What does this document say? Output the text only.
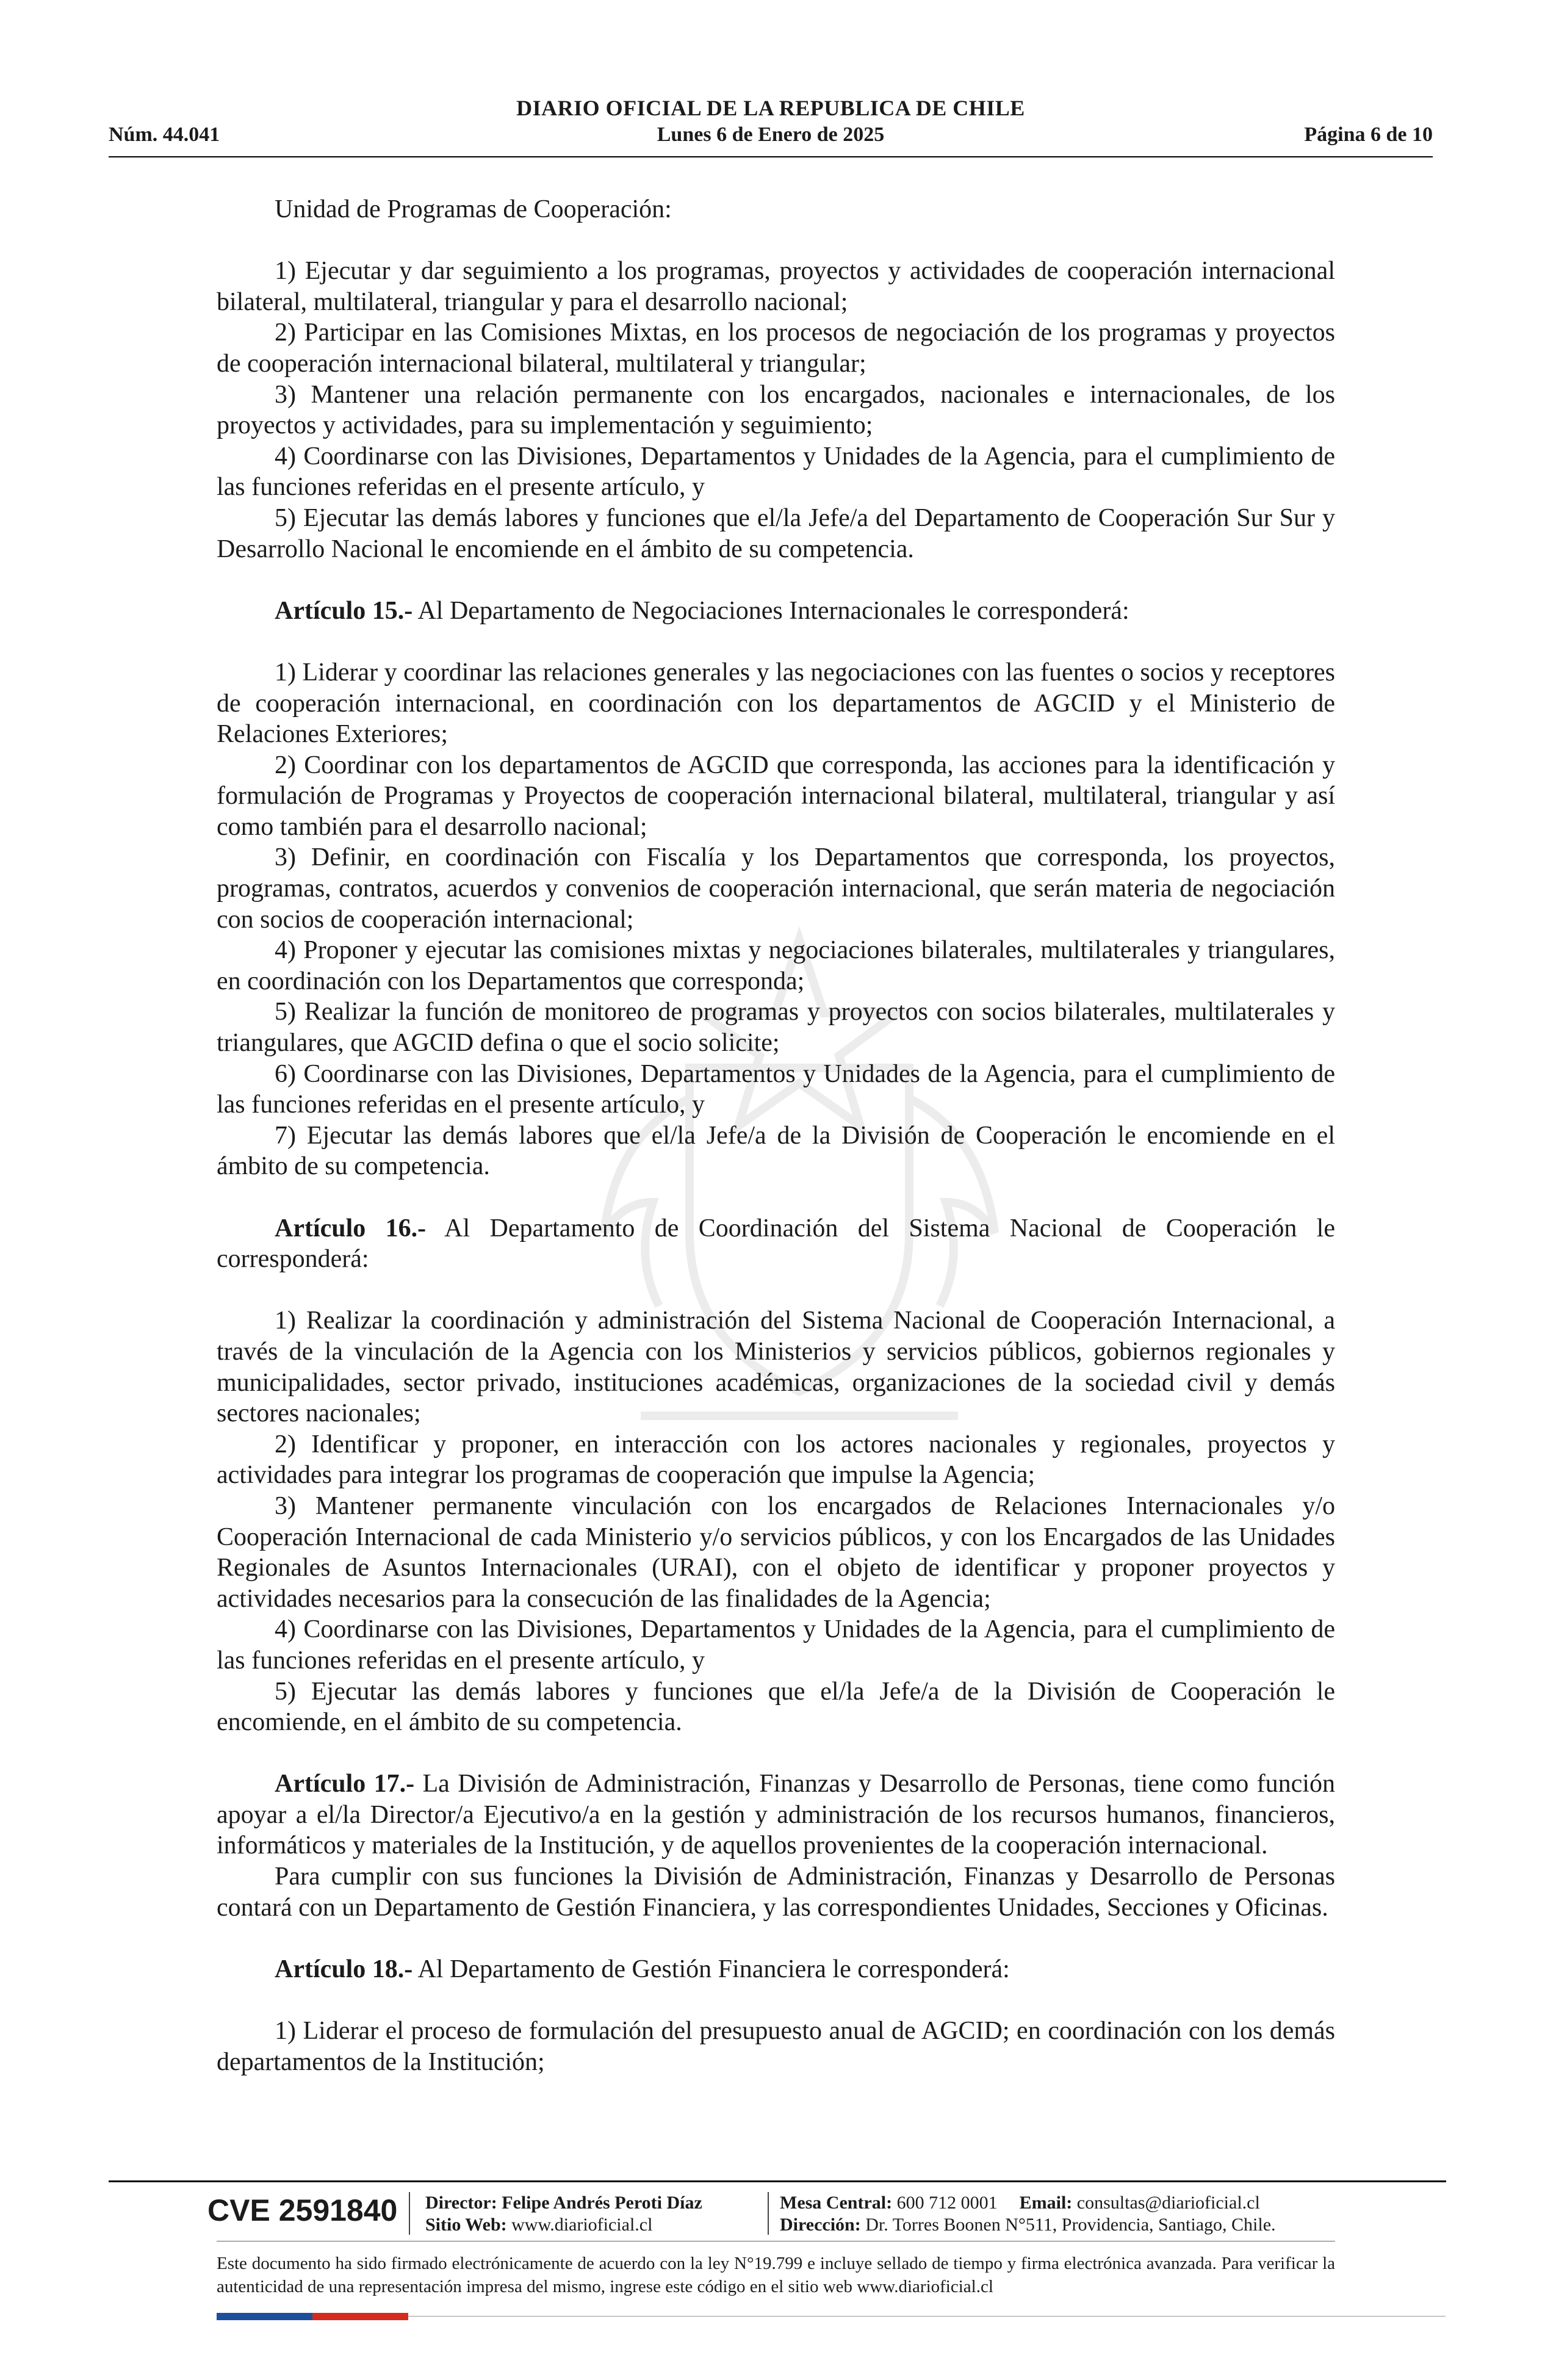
DIARIO OFICIAL DE LA REPUBLICA DE CHILE
Núm. 44.041	Lunes 6 de Enero de 2025	Página 6 de 10

Unidad de Programas de Cooperación:

1) Ejecutar y dar seguimiento a los programas, proyectos y actividades de cooperación internacional bilateral, multilateral, triangular y para el desarrollo nacional;

2) Participar en las Comisiones Mixtas, en los procesos de negociación de los programas y proyectos de cooperación internacional bilateral, multilateral y triangular;

3) Mantener una relación permanente con los encargados, nacionales e internacionales, de los proyectos y actividades, para su implementación y seguimiento;

4) Coordinarse con las Divisiones, Departamentos y Unidades de la Agencia, para el cumplimiento de las funciones referidas en el presente artículo, y

5) Ejecutar las demás labores y funciones que el/la Jefe/a del Departamento de Cooperación Sur Sur y Desarrollo Nacional le encomiende en el ámbito de su competencia.

Artículo 15.- Al Departamento de Negociaciones Internacionales le corresponderá:

1) Liderar y coordinar las relaciones generales y las negociaciones con las fuentes o socios y receptores de cooperación internacional, en coordinación con los departamentos de AGCID y el Ministerio de Relaciones Exteriores;

2) Coordinar con los departamentos de AGCID que corresponda, las acciones para la identificación y formulación de Programas y Proyectos de cooperación internacional bilateral, multilateral, triangular y así como también para el desarrollo nacional;

3) Definir, en coordinación con Fiscalía y los Departamentos que corresponda, los proyectos, programas, contratos, acuerdos y convenios de cooperación internacional, que serán materia de negociación con socios de cooperación internacional;

4) Proponer y ejecutar las comisiones mixtas y negociaciones bilaterales, multilaterales y triangulares, en coordinación con los Departamentos que corresponda;

5) Realizar la función de monitoreo de programas y proyectos con socios bilaterales, multilaterales y triangulares, que AGCID defina o que el socio solicite;

6) Coordinarse con las Divisiones, Departamentos y Unidades de la Agencia, para el cumplimiento de las funciones referidas en el presente artículo, y

7) Ejecutar las demás labores que el/la Jefe/a de la División de Cooperación le encomiende en el ámbito de su competencia.

Artículo 16.- Al Departamento de Coordinación del Sistema Nacional de Cooperación le corresponderá:

1) Realizar la coordinación y administración del Sistema Nacional de Cooperación Internacional, a través de la vinculación de la Agencia con los Ministerios y servicios públicos, gobiernos regionales y municipalidades, sector privado, instituciones académicas, organizaciones de la sociedad civil y demás sectores nacionales;

2) Identificar y proponer, en interacción con los actores nacionales y regionales, proyectos y actividades para integrar los programas de cooperación que impulse la Agencia;

3) Mantener permanente vinculación con los encargados de Relaciones Internacionales y/o Cooperación Internacional de cada Ministerio y/o servicios públicos, y con los Encargados de las Unidades Regionales de Asuntos Internacionales (URAI), con el objeto de identificar y proponer proyectos y actividades necesarios para la consecución de las finalidades de la Agencia;

4) Coordinarse con las Divisiones, Departamentos y Unidades de la Agencia, para el cumplimiento de las funciones referidas en el presente artículo, y

5) Ejecutar las demás labores y funciones que el/la Jefe/a de la División de Cooperación le encomiende, en el ámbito de su competencia.

Artículo 17.- La División de Administración, Finanzas y Desarrollo de Personas, tiene como función apoyar a el/la Director/a Ejecutivo/a en la gestión y administración de los recursos humanos, financieros, informáticos y materiales de la Institución, y de aquellos provenientes de la cooperación internacional.

Para cumplir con sus funciones la División de Administración, Finanzas y Desarrollo de Personas contará con un Departamento de Gestión Financiera, y las correspondientes Unidades, Secciones y Oficinas.

Artículo 18.- Al Departamento de Gestión Financiera le corresponderá:

1) Liderar el proceso de formulación del presupuesto anual de AGCID; en coordinación con los demás departamentos de la Institución;

CVE 2591840 Director: Felipe Andrés Peroti Díaz
Sitio Web: www.diarioficial.cl
Mesa Central: 600 712 0001 Email: consultas@diarioficial.cl
Dirección: Dr. Torres Boonen N°511, Providencia, Santiago, Chile.
Este documento ha sido firmado electrónicamente de acuerdo con la ley N°19.799 e incluye sellado de tiempo y firma electrónica avanzada. Para verificar la autenticidad de una representación impresa del mismo, ingrese este código en el sitio web www.diarioficial.cl
